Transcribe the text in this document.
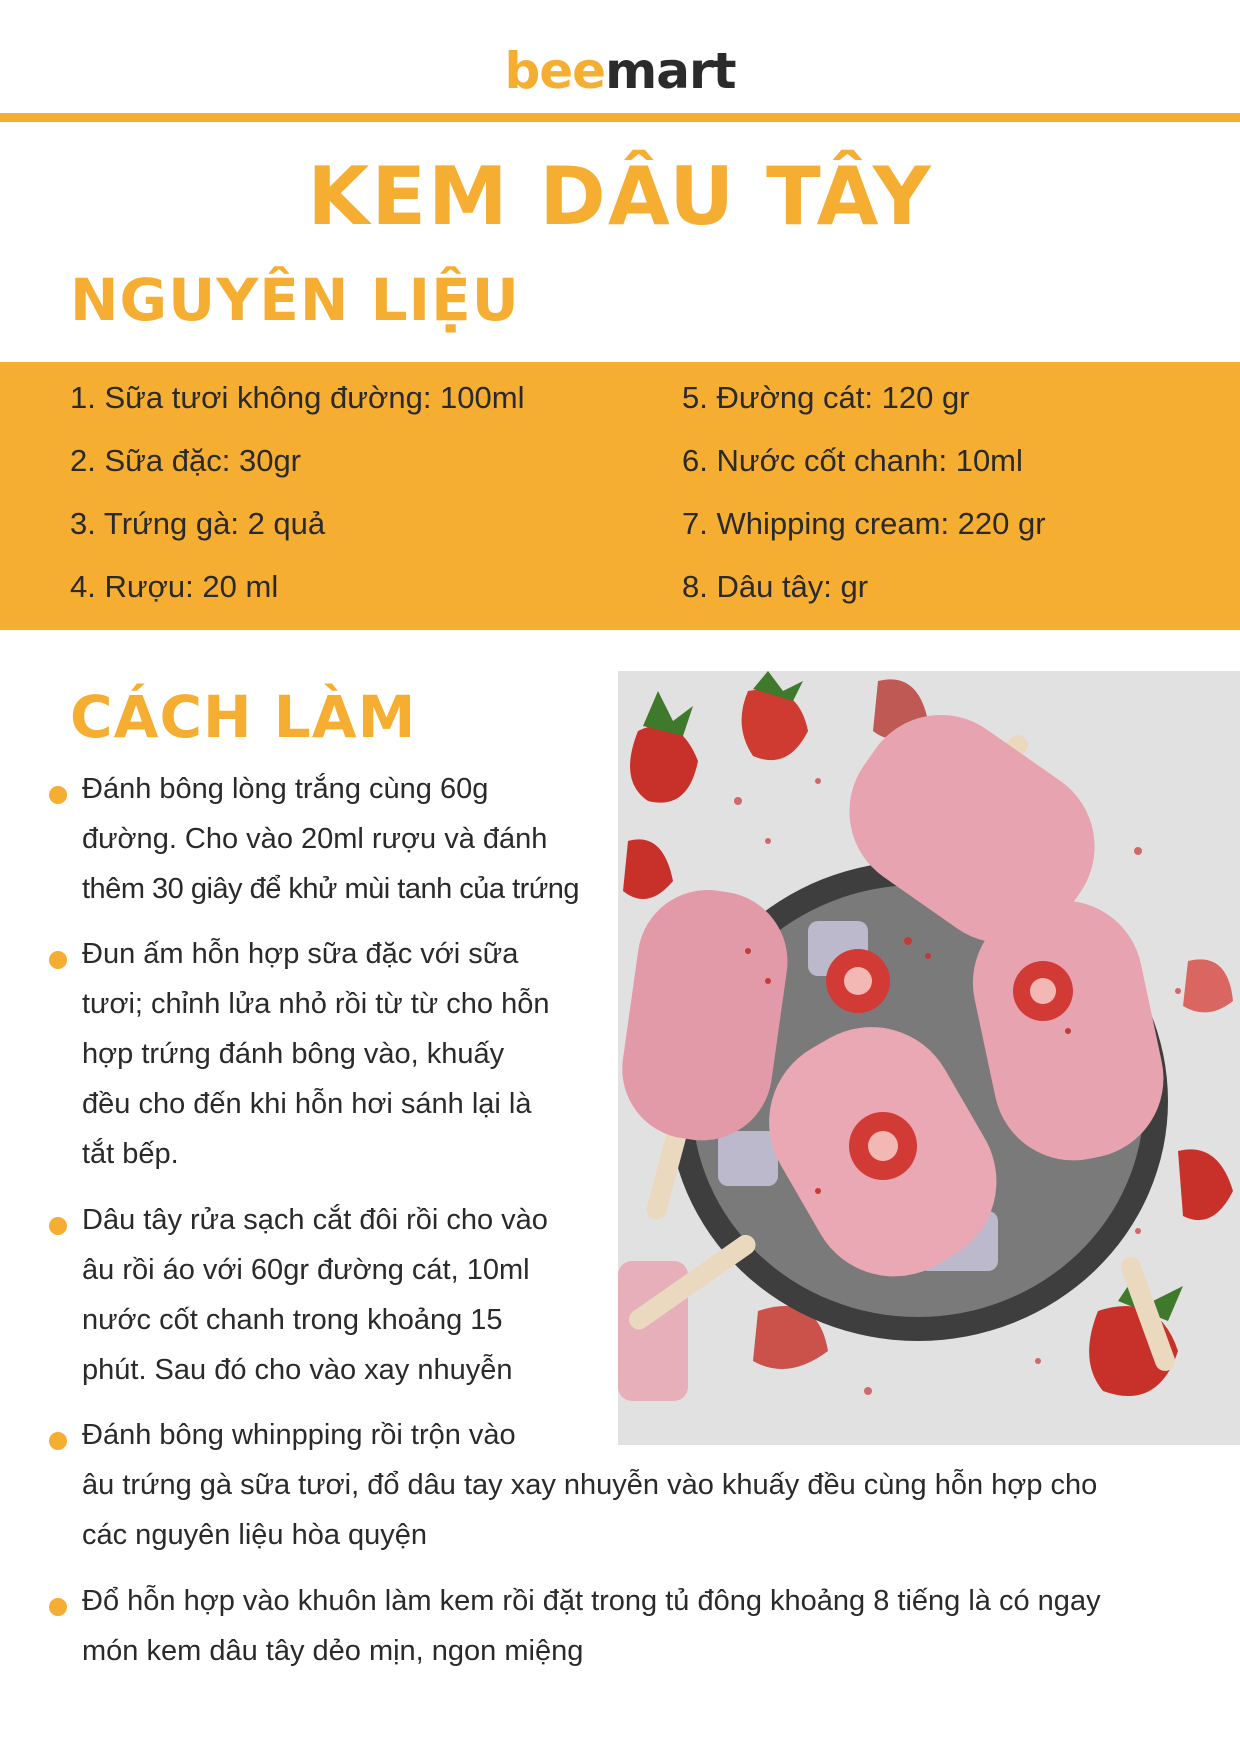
beemart
KEM DÂU TÂY
NGUYÊN LIỆU
1. Sữa tươi không đường: 100ml
2. Sữa đặc: 30gr
3. Trứng gà: 2 quả
4. Rượu: 20 ml
5. Đường cát: 120 gr
6. Nước cốt chanh: 10ml
7. Whipping cream: 220 gr
8. Dâu tây: gr
CÁCH LÀM
Đánh bông lòng trắng cùng 60g
đường. Cho vào 20ml rượu và đánh
thêm 30 giây để khử mùi tanh của trứng
Đun ấm hỗn hợp sữa đặc với sữa
tươi; chỉnh lửa nhỏ rồi từ từ cho hỗn
hợp trứng đánh bông vào, khuấy
đều cho đến khi hỗn hơi sánh lại là
tắt bếp.
Dâu tây rửa sạch cắt đôi rồi cho vào
âu rồi áo với 60gr đường cát, 10ml
nước cốt chanh trong khoảng 15
phút. Sau đó cho vào xay nhuyễn
Đánh bông whinpping rồi trộn vào
âu trứng gà sữa tươi, đổ dâu tay xay nhuyễn vào khuấy đều cùng hỗn hợp cho
các nguyên liệu hòa quyện
Đổ hỗn hợp vào khuôn làm kem rồi đặt trong tủ đông khoảng 8 tiếng là có ngay
món kem dâu tây dẻo mịn, ngon miệng
